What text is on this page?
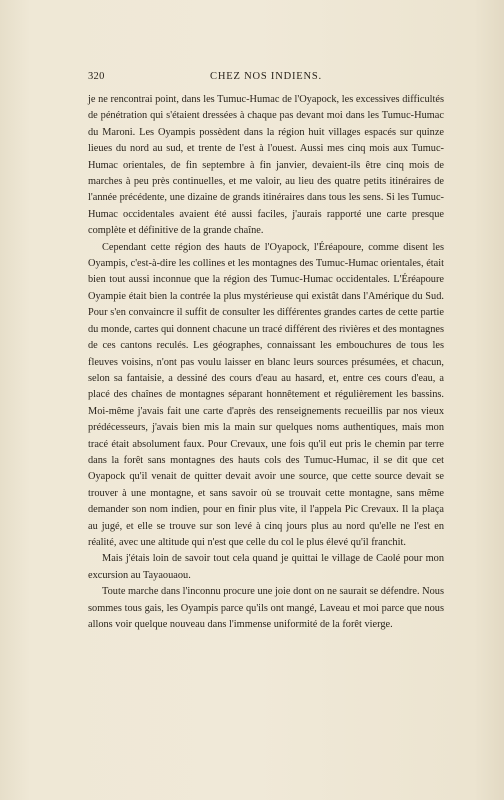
320	CHEZ NOS INDIENS.

je ne rencontrai point, dans les Tumuc-Humac de l'Oyapock, les excessives difficultés de pénétration qui s'étaient dressées à chaque pas devant moi dans les Tumuc-Humac du Maroni. Les Oyampis possèdent dans la région huit villages espacés sur quinze lieues du nord au sud, et trente de l'est à l'ouest. Aussi mes cinq mois aux Tumuc-Humac orientales, de fin septembre à fin janvier, devaient-ils être cinq mois de marches à peu près continuelles, et me valoir, au lieu des quatre petits itinéraires de l'année précédente, une dizaine de grands itinéraires dans tous les sens. Si les Tumuc-Humac occidentales avaient été aussi faciles, j'aurais rapporté une carte presque complète et définitive de la grande chaîne.

Cependant cette région des hauts de l'Oyapock, l'Éréapoure, comme disent les Oyampis, c'est-à-dire les collines et les montagnes des Tumuc-Humac orientales, était bien tout aussi inconnue que la région des Tumuc-Humac occidentales. L'Éréapoure Oyampie était bien la contrée la plus mystérieuse qui existât dans l'Amérique du Sud. Pour s'en convaincre il suffit de consulter les différentes grandes cartes de cette partie du monde, cartes qui donnent chacune un tracé différent des rivières et des montagnes de ces cantons reculés. Les géographes, connaissant les embouchures de tous les fleuves voisins, n'ont pas voulu laisser en blanc leurs sources présumées, et chacun, selon sa fantaisie, a dessiné des cours d'eau au hasard, et, entre ces cours d'eau, a placé des chaînes de montagnes séparant honnêtement et régulièrement les bassins. Moi-même j'avais fait une carte d'après des renseignements recueillis par nos vieux prédécesseurs, j'avais bien mis la main sur quelques noms authentiques, mais mon tracé était absolument faux. Pour Crevaux, une fois qu'il eut pris le chemin par terre dans la forêt sans montagnes des hauts cols des Tumuc-Humac, il se dit que cet Oyapock qu'il venait de quitter devait avoir une source, que cette source devait se trouver à une montagne, et sans savoir où se trouvait cette montagne, sans même demander son nom indien, pour en finir plus vite, il l'appela Pic Crevaux. Il la plaça au jugé, et elle se trouve sur son levé à cinq jours plus au nord qu'elle ne l'est en réalité, avec une altitude qui n'est que celle du col le plus élevé qu'il franchit.

Mais j'étais loin de savoir tout cela quand je quittai le village de Caolé pour mon excursion au Tayaouaou.

Toute marche dans l'inconnu procure une joie dont on ne saurait se défendre. Nous sommes tous gais, les Oyampis parce qu'ils ont mangé, Laveau et moi parce que nous allons voir quelque nouveau dans l'immense uniformité de la forêt vierge.
